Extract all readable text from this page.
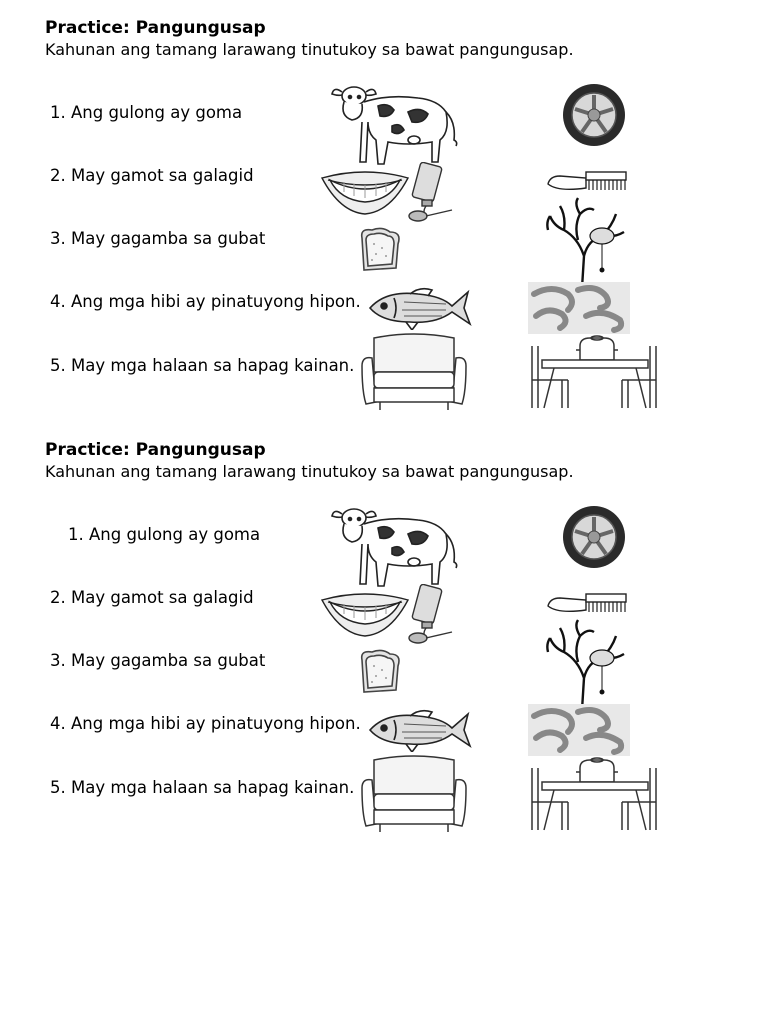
Practice: Pangungusap

Kahunan ang tamang larawang tinutukoy sa bawat pangungusap.

1. Ang gulong ay goma
2. May gamot sa galagid
3. May gagamba sa gubat
4. Ang mga hibi ay pinatuyong hipon.
5. May mga halaan sa hapag kainan.

Practice: Pangungusap

Kahunan ang tamang larawang tinutukoy sa bawat pangungusap.

1. Ang gulong ay goma
2. May gamot sa galagid
3. May gagamba sa gubat
4. Ang mga hibi ay pinatuyong hipon.
5. May mga halaan sa hapag kainan.
